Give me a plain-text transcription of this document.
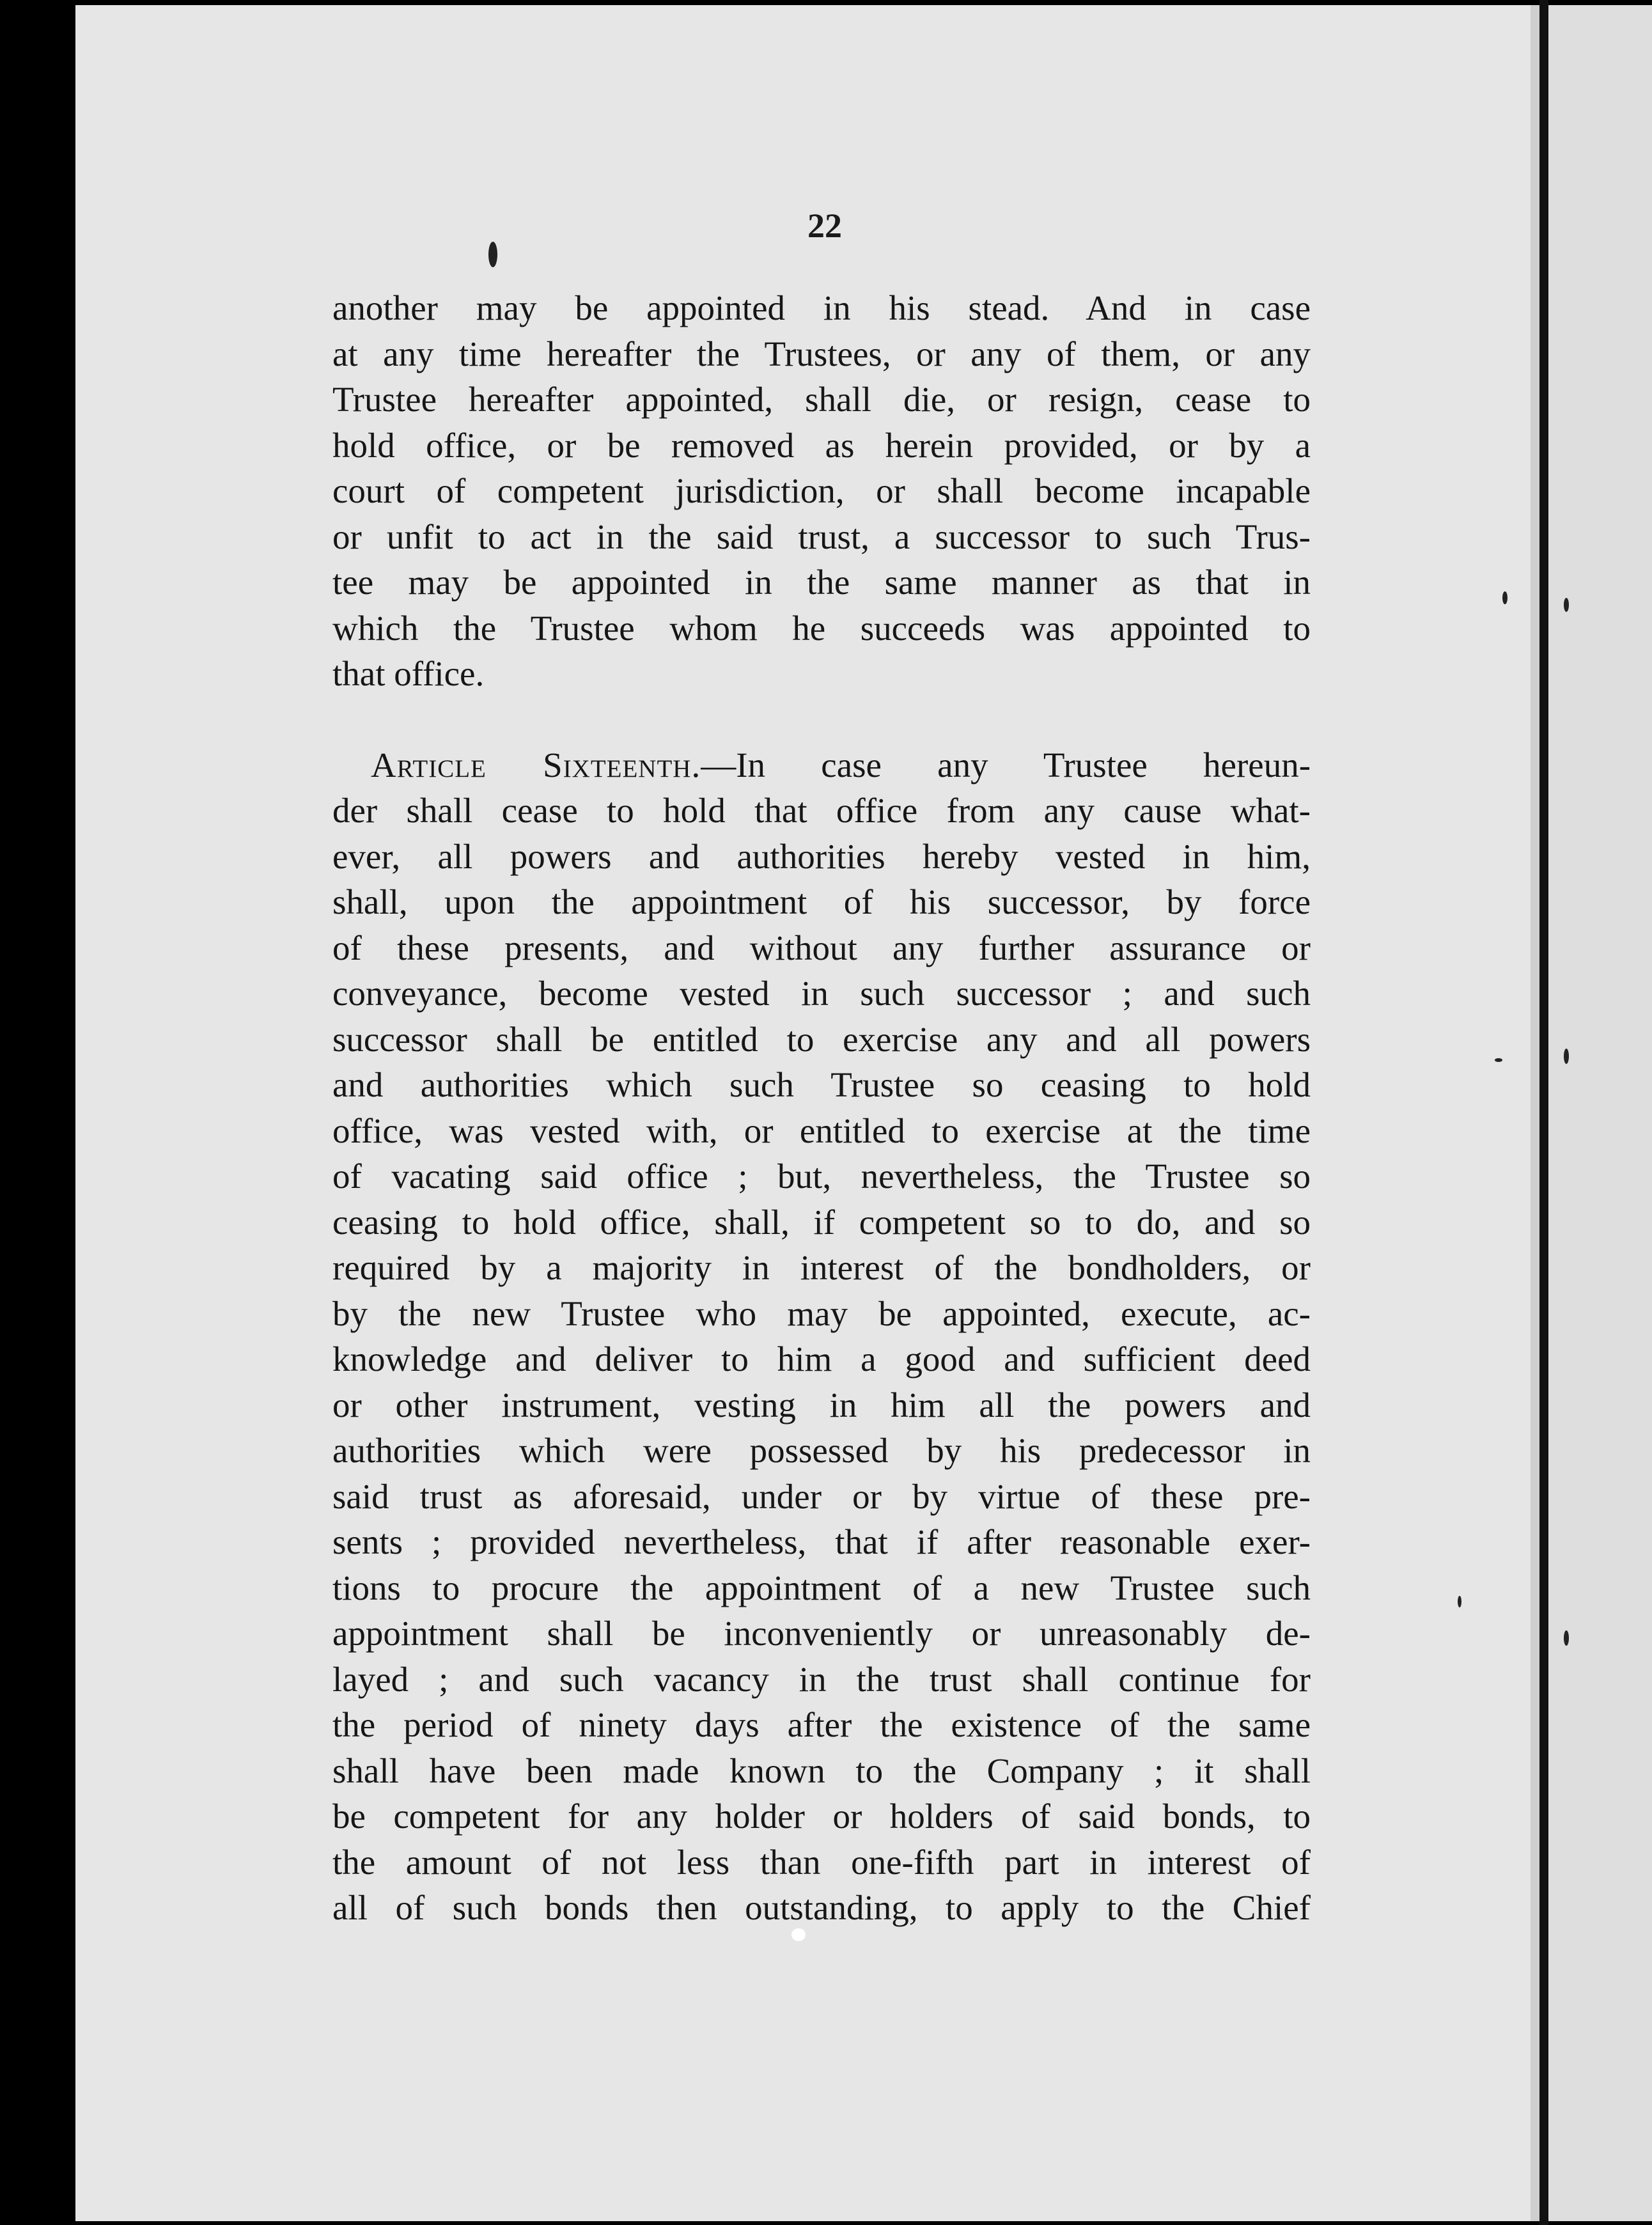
22
another may be appointed in his stead. And in case
at any time hereafter the Trustees, or any of them, or any
Trustee hereafter appointed, shall die, or resign, cease to
hold office, or be removed as herein provided, or by a
court of competent jurisdiction, or shall become incapable
or unfit to act in the said trust, a successor to such Trus-
tee may be appointed in the same manner as that in
which the Trustee whom he succeeds was appointed to
that office.
Article Sixteenth.—In case any Trustee hereun-
der shall cease to hold that office from any cause what-
ever, all powers and authorities hereby vested in him,
shall, upon the appointment of his successor, by force
of these presents, and without any further assurance or
conveyance, become vested in such successor ; and such
successor shall be entitled to exercise any and all powers
and authorities which such Trustee so ceasing to hold
office, was vested with, or entitled to exercise at the time
of vacating said office ; but, nevertheless, the Trustee so
ceasing to hold office, shall, if competent so to do, and so
required by a majority in interest of the bondholders, or
by the new Trustee who may be appointed, execute, ac-
knowledge and deliver to him a good and sufficient deed
or other instrument, vesting in him all the powers and
authorities which were possessed by his predecessor in
said trust as aforesaid, under or by virtue of these pre-
sents ; provided nevertheless, that if after reasonable exer-
tions to procure the appointment of a new Trustee such
appointment shall be inconveniently or unreasonably de-
layed ; and such vacancy in the trust shall continue for
the period of ninety days after the existence of the same
shall have been made known to the Company ; it shall
be competent for any holder or holders of said bonds, to
the amount of not less than one-fifth part in interest of
all of such bonds then outstanding, to apply to the Chief
